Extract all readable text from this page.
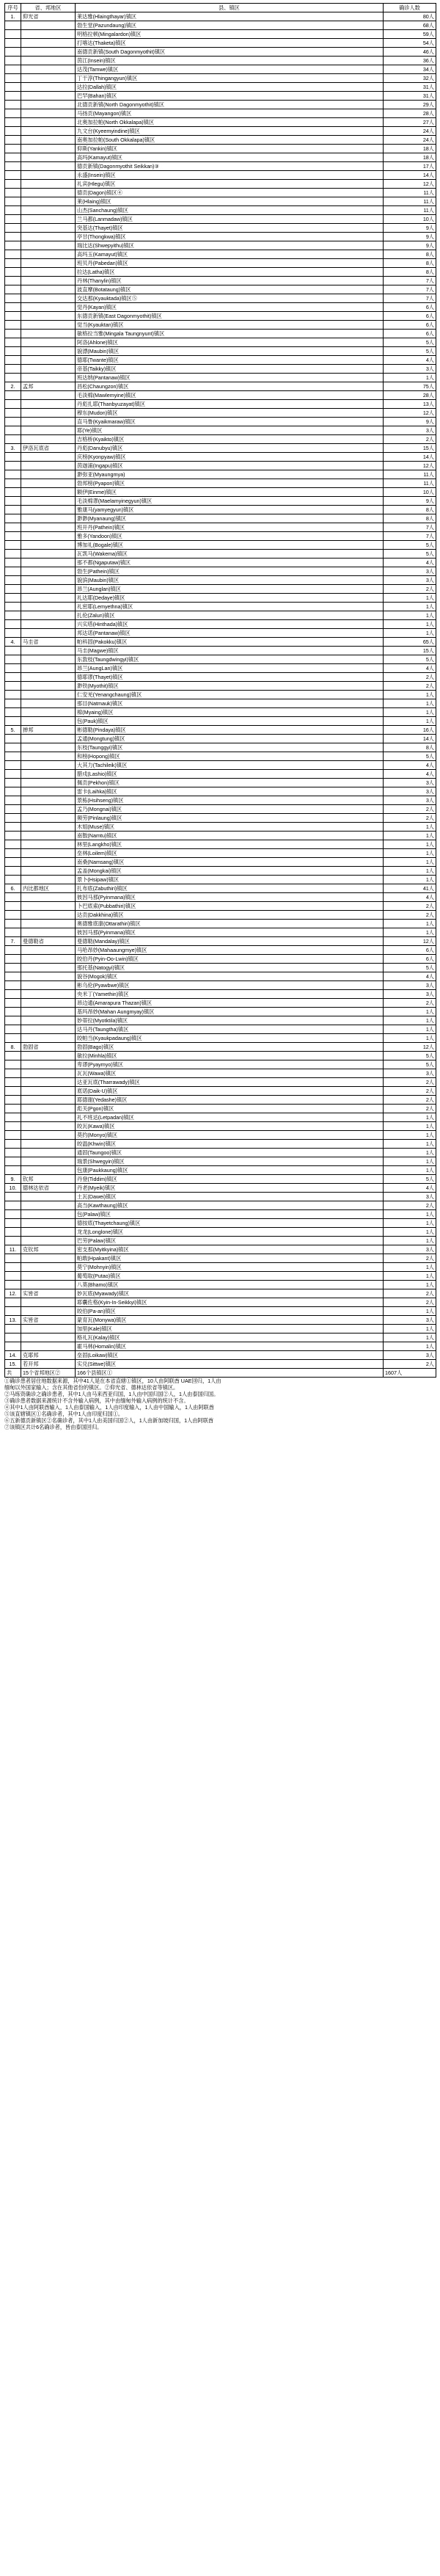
序号	省、邦地区	县、镇区	确诊人数
1.	仰光省	莱达雅(Hlaingthayar)镇区	80人
		勃生堂(Pazundaung)镇区	68人
		明格拉顿(Mingalardon)镇区	59人
		打喀达(Thaketa)镇区	54人
		南德贡新镇(South Dagonmyothit)镇区	46人
		茵江(Insein)镇区	36人
		达茂(Tamwe)镇区	34人
		丁干淳(Thingangyun)镇区	32人
		达拉(Dallah)镇区	31人
		巴罕(Bahan)镇区	31人
		北德贡新镇(North Dagonmyothit)镇区	29人
		马扬贡(Mayangon)镇区	28人
		北奥加拉帕(North Okkalapa)镇区	27人
		九文台(Kyeemyindine)镇区	24人
		南奥加拉帕(South Okkalapa)镇区	24人
		仰斯(Yankin)镇区	18人
		高玛(Kamayut)镇区	18人
		德贡新镇(Dagonmyothit Seikkan)③	17人
		永盛(Insein)镇区	14人
		礼宾(Hlegu)镇区	12人
		德贡(Dagon)镇区④	11人
		莱(Hlaing)镇区	11人
		山杰(Sanchaung)镇区	11人
		兰马都(Lanmadaw)镇区	10人
		突基达(Thayet)镇区	9人
		亭甘(Thongkwa)镇区	9人
		瑞比达(Shwepyithu)镇区	9人
		高玛玉(Kamayut)镇区	8人
		班贝丹(Pabedan)镇区	8人
		拉达(Latha)镇区	8人
		丹林(Thanylin)镇区	7人
		波直摩(Botataung)镇区	7人
		交达那(Kyauktada)镇区⑤	7人
		觉丹(Kayan)镇区	6人
		东德贡新镇(East Dagonmyothit)镇区	6人
		觉当(Kyauktan)镇区	6人
		敏格拉当雅(Mingala Taungnyunt)镇区	6人
		阿洛(Ahlone)镇区	5人
		貌漂(Maubin)镇区	5人
		德耶(Twante)镇区	4人
		帝基(Taikky)镇区	3人
		班达纳(Pantanaw)镇区	1人
2.	孟邦	昌松(Chaungzon)镇区	75人
		毛淡棉(Mawlemyine)镇区	28人
		丹彪扎耶(Thanbyuzayat)镇区	13人
		穆东(Mudon)镇区	12人
		直马鲁(Kyaikmaraw)镇区	9人
		耶(Ye)镇区	3人
		吉格桥(Kyaikto)镇区	2人
3.	伊洛瓦底省	丹彪(Danubyu)镇区	15人
		庆榜(Kyonpyaw)镇区	14人
		茵迦浦(Ingapu)镇区	12人
		渺弥亚(Myaungmya)	11人
		勃邦榜(Pyapon)镇区	11人
		额伊(Einme)镇区	10人
		毛淡棉谬(Maelamyinegyun)镇区	9人
		雅康马(yamyegyun)镇区	8人
		渺渺(Myanaung)镇区	8人
		班开丹(Pathein)镇区	7人
		雅多(Yandoon)镇区	7人
		博加礼(Bogale)镇区	5人
		瓦凯马(Wakema)镇区	5人
		那不都(Ngaputaw)镇区	4人
		勃生(Pathein)镇区	3人
		貌滨(Maubin)镇区	3人
		昂兰(Aunglan)镇区	2人
		礼达耶(Dedaye)镇区	1人
		礼密耶(Lemyethna)镇区	1人
		扎伦(Zalun)镇区	1人
		兴实塔(Hinthada)镇区	1人
		邦达诺(Pantanaw)镇区	1人
4.	马圭省	帕科固(Pakokku)镇区	65人
		马圭(Magwe)镇区	15人
		东敦枝(Taungdwingyi)镇区	5人
		昂兰(AungLan)镇区	4人
		德耶谬(Thayet)镇区	2人
		渺铁(Myothit)镇区	2人
		仁安羌(Yenangchaung)镇区	1人
		那目(Natmauk)镇区	1人
		棉(Myaing)镇区	1人
		包(Pauk)镇区	1人
5.	掸邦	彬德勒(Pindaya)镇区	16人
		孟通(Mongtung)镇区	14人
		东枝(Taunggyi)镇区	8人
		和榜(Hopong)镇区	5人
		大其力(Tachileik)镇区	4人
		腊戍(Lashio)镇区	4人
		佩贡(Pekhon)镇区	3人
		雷卡(Laihka)镇区	3人
		景栋(Hsihseng)镇区	3人
		孟乃(Mongnai)镇区	2人
		频劳(Pinlaung)镇区	2人
		木姐(Muse)镇区	1人
		南散(Namtu)镇区	1人
		林里(Langkho)镇区	1人
		垒林(Loilem)镇区	1人
		南桑(Namsang)镇区	1人
		孟盖(Mongkai)镇区	1人
		景卜(Hsipaw)镇区	1人
6.	内比都地区	扎布底(Zabuthiri)镇区	41人
		彼因马那(Pyinmana)镇区	4人
		卜巴底索(Pubbathiri)镇区	2人
		达贡(Dakkhina)镇区	2人
		奥德雅底康(Ottarathiri)镇区	1人
		彼因马那(Pyinmana)镇区	1人
7.	曼德勒省	曼德勒(Mandalay)镇区	12人
		马哈昂妙(Mahaaungmye)镇区	6人
		皎伯丹(Pyin-Oo-Lwin)镇区	6人
		那托基(Natogyi)镇区	5人
		貌谷(Mogok)镇区	4人
		彬乌伦(Pyawbwe)镇区	3人
		央米丁(Yamethin)镇区	3人
		昂边通(Amarapura Thazan)镇区	2人
		基玛昂妙(Mahan Aungmyay)镇区	1人
		妙蒂拉(Myotktila)镇区	1人
		达马丹(Taungtha)镇区	1人
		皎帕当(Kyaukpadaung)镇区	1人
8.	勃固省	勃固(Bago)镇区	12人
		敏拉(Minhla)镇区	5人
		卑谬(Pyaymyo)镇区	5人
		瓦瓦(Wawa)镇区	3人
		达亚瓦底(Tharrawady)镇区	2人
		底诺(Daik-U)镇区	2人
		耶德谢(Yedashe)镇区	2人
		彪关(Pgon)镇区	2人
		礼不班达(Letpadan)镇区	1人
		皎瓦(Kawa)镇区	1人
		莫约(Monyo)镇区	1人
		皎温(Khwin)镇区	1人
		通固(Taungoo)镇区	1人
		瑞景(Shwegyin)镇区	1人
		包康(Paukkaung)镇区	1人
9.	钦邦	丹登(Tiddim)镇区	5人
10.	德林达依省	丹老(Myeik)镇区	4人
		土瓦(Dawei)镇区	3人
		高当(Kawthaung)镇区	2人
		包(Palaw)镇区	1人
		德按底(Thayetchaung)镇区	1人
		龙龙(Longlone)镇区	1人
		巴劳(Palaw)镇区	1人
11.	克钦邦	密支那(Myitkyina)镇区	3人
		帕敢(Hpakant)镇区	2人
		莫宁(Mohnyin)镇区	1人
		葡萄取(Putao)镇区	1人
		八莫(Bhamo)镇区	1人
12.	实皆省	妙瓦底(Myawady)镇区	2人
		耶囊佐格(Kyin-In-Seikkyi)镇区	2人
		皎伯(Pa-an)镇区	1人
13.	实皆省	蒙育瓦(Monywa)镇区	3人
		加里(Kale)镇区	1人
		格礼瓦(Kalay)镇区	1人
		霍马林(Homalin)镇区	1人
14.	克耶邦	垒固(Loikaw)镇区	3人
15.	若开邦	实兑(Sittwe)镇区	2人
共	15个省邦地区②	166个县镇区①	1607人
①确诊患者居住地数据来源，其中41人是在本省直辖①镇区，10人由阿联酋 UAE回归，1人由
缅甸以外国家输入；含在其他省份的镇区。②仰光省、德林达依省等镇区。
②马练资确诊之确诊患者，其中1人由马来西亚归国，1人由中国归国②人，1人由泰国归国。
③确诊患者数据来源统计不含外输入病例，其中由缅甸外输入病例的统计不含。
④其中1人由阿联酋输入，1人由泰国输入，1人由印度输入，1人由中国输入，1人由阿联酋
⑤该直辖镇区①名确诊者，其中1人由印度归国①。
⑥五新德贡新镇区②名确诊者，其中1人由美国归国②人，1人由新加坡归国，1人由阿联酋
⑦该镇区共计6名确诊者，皆由泰国回归。
